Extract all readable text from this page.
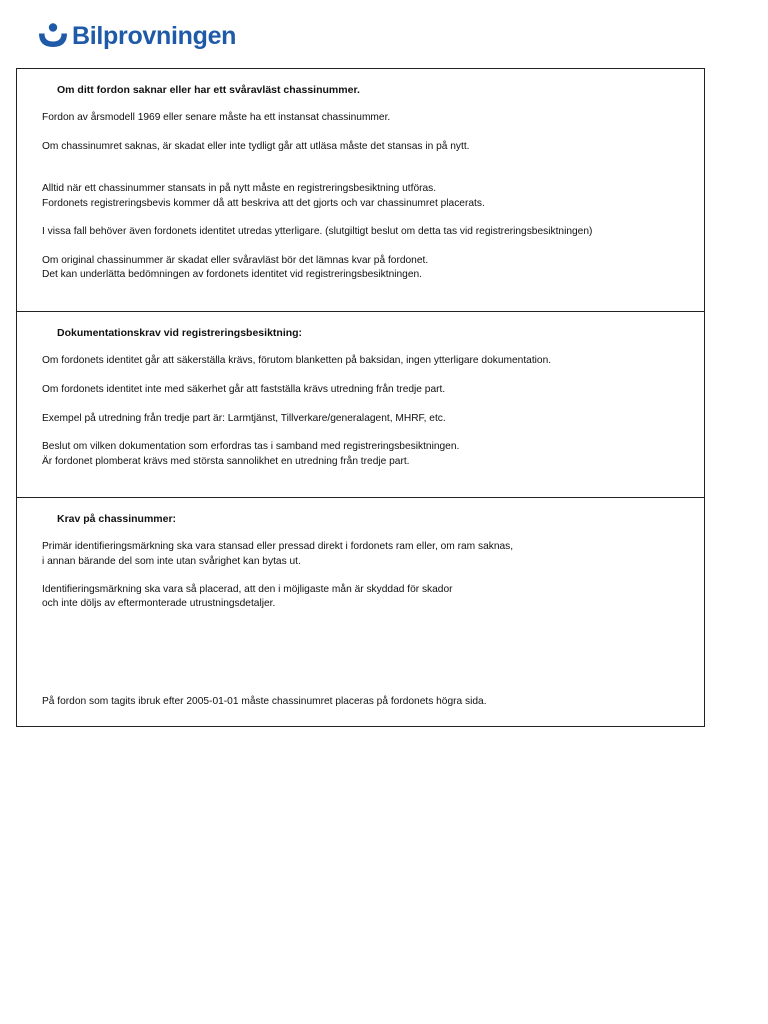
Bilprovningen
Om ditt fordon saknar eller har ett svåravläst chassinummer.
Fordon av årsmodell 1969 eller senare måste ha ett instansat chassinummer.
Om chassinumret saknas, är skadat eller inte tydligt går att utläsa måste det stansas in på nytt.
Alltid när ett chassinummer stansats in på nytt måste en registreringsbesiktning utföras.
Fordonets registreringsbevis kommer då att beskriva att det gjorts och var chassinumret placerats.
I vissa fall behöver även fordonets identitet utredas ytterligare. (slutgiltigt beslut om detta tas vid registreringsbesiktningen)
Om original chassinummer är skadat eller svåravläst bör det lämnas kvar på fordonet.
Det kan underlätta bedömningen av fordonets identitet vid registreringsbesiktningen.
Dokumentationskrav vid registreringsbesiktning:
Om fordonets identitet går att säkerställa krävs, förutom blanketten på baksidan, ingen ytterligare dokumentation.
Om fordonets identitet inte med säkerhet går att fastställa krävs utredning från tredje part.
Exempel på utredning från tredje part är: Larmtjänst, Tillverkare/generalagent, MHRF, etc.
Beslut om vilken dokumentation som erfordras tas i samband med registreringsbesiktningen.
Är fordonet plomberat krävs med största sannolikhet en utredning från tredje part.
Krav på chassinummer:
Primär identifieringsmärkning ska vara stansad eller pressad direkt i fordonets ram eller, om ram saknas,
i annan bärande del som inte utan svårighet kan bytas ut.
Identifieringsmärkning ska vara så placerad, att den i möjligaste mån är skyddad för skador
och inte döljs av eftermonterade utrustningsdetaljer.
På fordon som tagits ibruk efter 2005-01-01 måste chassinumret placeras på fordonets högra sida.
